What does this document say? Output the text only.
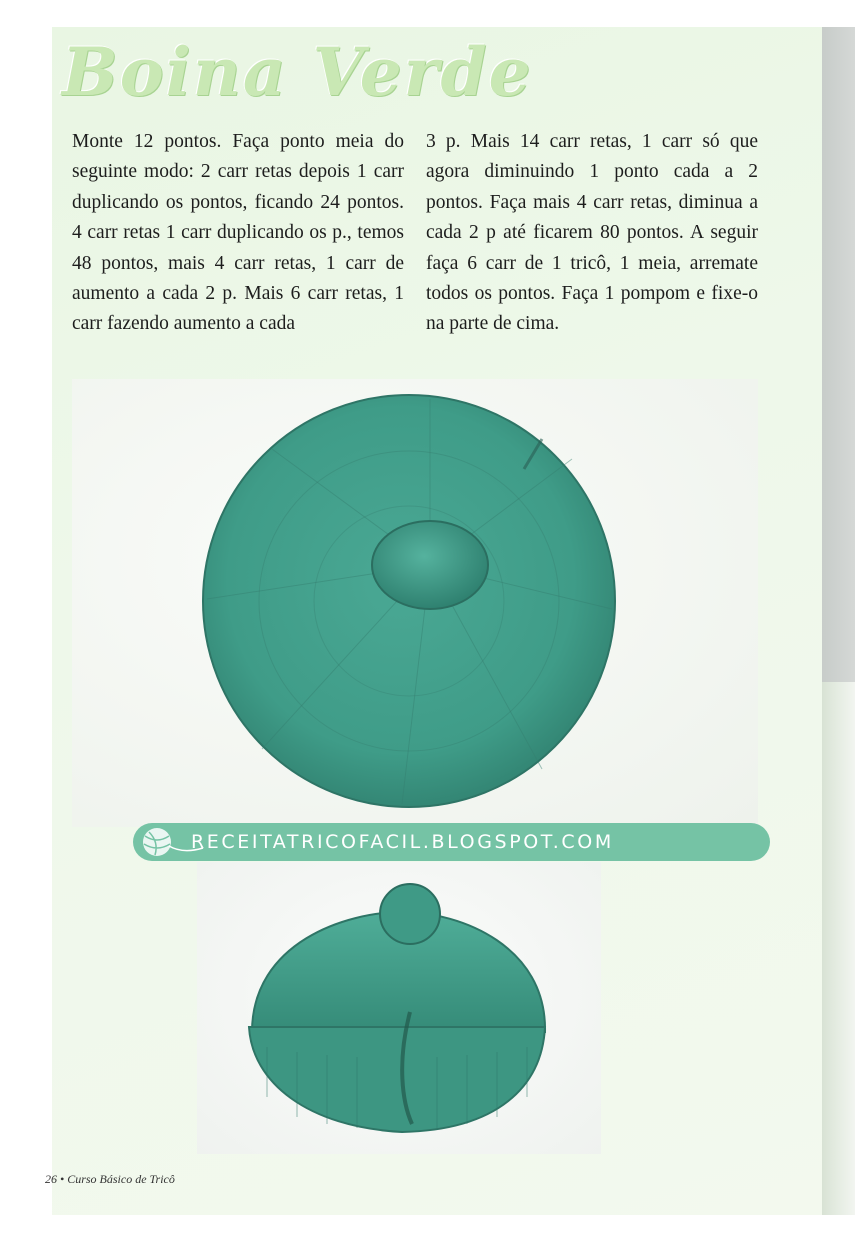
Boina Verde
Monte 12 pontos. Faça ponto meia do seguinte modo: 2 carr retas depois 1 carr duplicando os pontos, ficando 24 pontos. 4 carr retas 1 carr duplicando os p., temos 48 pontos, mais 4 carr retas, 1 carr de aumento a cada 2 p. Mais 6 carr retas, 1 carr fazendo aumento a cada
3 p. Mais 14 carr retas, 1 carr só que agora diminuindo 1 ponto cada a 2 pontos. Faça mais 4 carr retas, diminua a cada 2 p até ficarem 80 pontos. A seguir faça 6 carr de 1 tricô, 1 meia, arremate todos os pontos. Faça 1 pompom e fixe-o na parte de cima.
RECEITATRICOFACIL.BLOGSPOT.COM
26 • Curso Básico de Tricô
